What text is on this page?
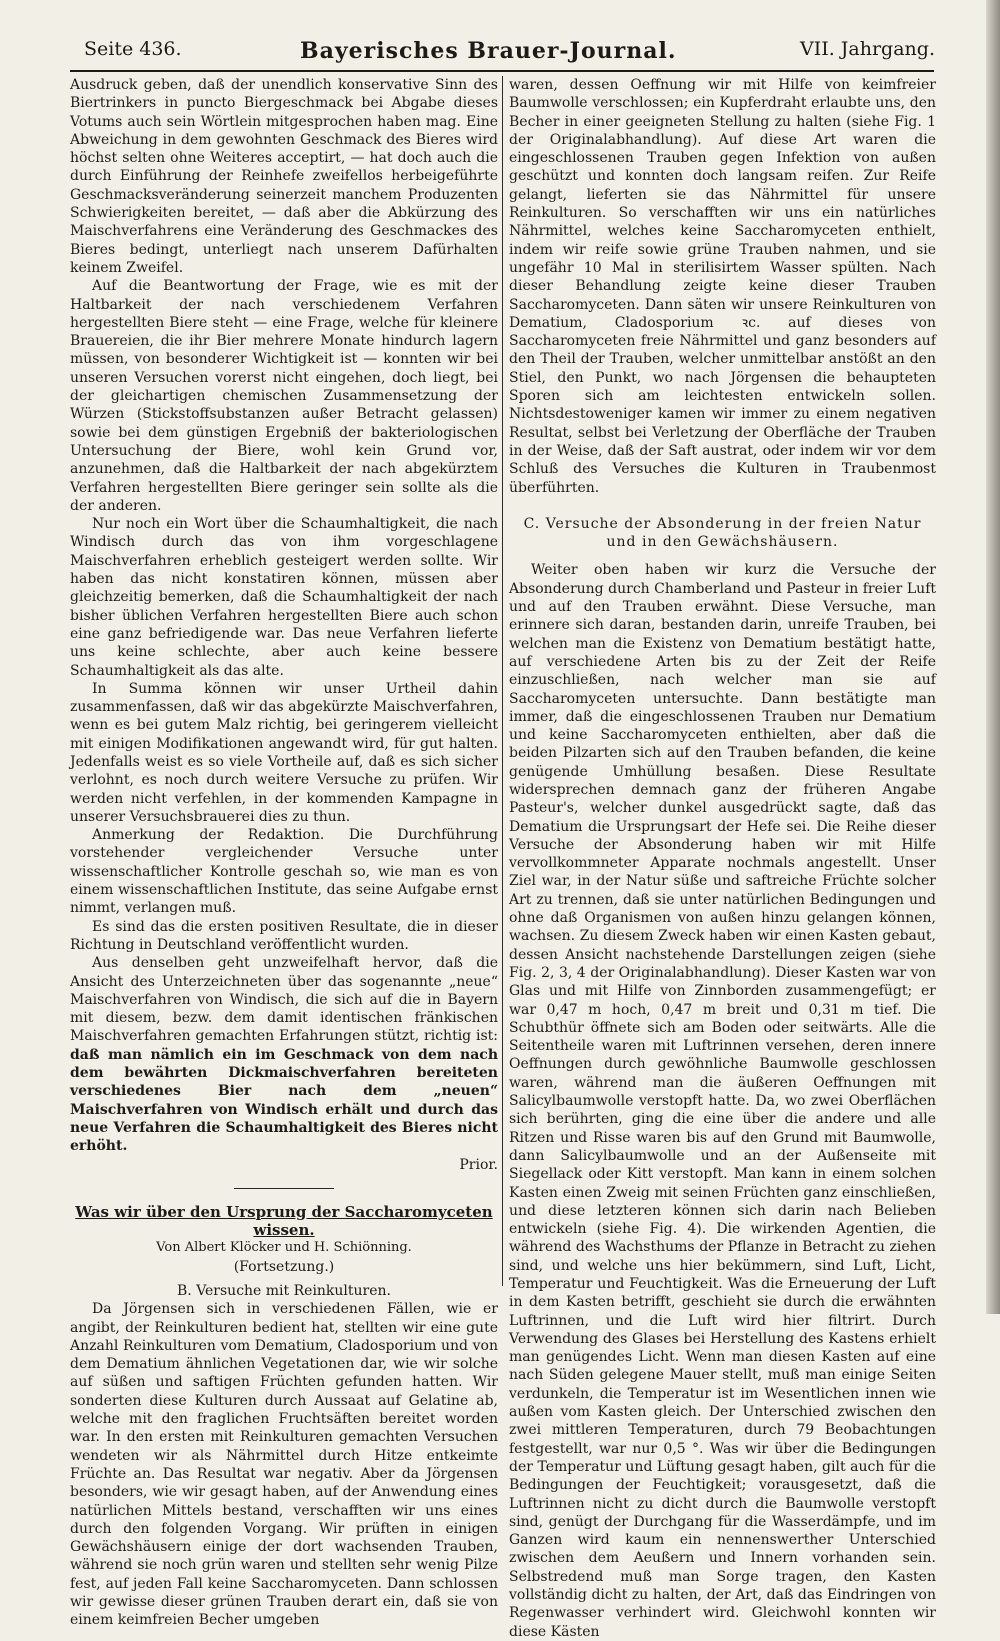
Seite 436.	Bayerisches Brauer-Journal.	VII. Jahrgang.

Ausdruck geben, daß der unendlich konservative Sinn des Biertrinkers in puncto Biergeschmack bei Abgabe dieses Votums auch sein Wörtlein mitgesprochen haben mag. Eine Abweichung in dem gewohnten Geschmack des Bieres wird höchst selten ohne Weiteres acceptirt, — hat doch auch die durch Einführung der Reinhefe zweifellos herbeigeführte Geschmacksveränderung seinerzeit manchem Produzenten Schwierigkeiten bereitet, — daß aber die Abkürzung des Maischverfahrens eine Veränderung des Geschmackes des Bieres bedingt, unterliegt nach unserem Dafürhalten keinem Zweifel.

Auf die Beantwortung der Frage, wie es mit der Haltbarkeit der nach verschiedenem Verfahren hergestellten Biere steht — eine Frage, welche für kleinere Brauereien, die ihr Bier mehrere Monate hindurch lagern müssen, von besonderer Wichtigkeit ist — konnten wir bei unseren Versuchen vorerst nicht eingehen, doch liegt, bei der gleichartigen chemischen Zusammensetzung der Würzen (Stickstoffsubstanzen außer Betracht gelassen) sowie bei dem günstigen Ergebniß der bakteriologischen Untersuchung der Biere, wohl kein Grund vor, anzunehmen, daß die Haltbarkeit der nach abgekürztem Verfahren hergestellten Biere geringer sein sollte als die der anderen.

Nur noch ein Wort über die Schaumhaltigkeit, die nach Windisch durch das von ihm vorgeschlagene Maischverfahren erheblich gesteigert werden sollte. Wir haben das nicht konstatiren können, müssen aber gleichzeitig bemerken, daß die Schaumhaltigkeit der nach bisher üblichen Verfahren hergestellten Biere auch schon eine ganz befriedigende war. Das neue Verfahren lieferte uns keine schlechte, aber auch keine bessere Schaumhaltigkeit als das alte.

In Summa können wir unser Urtheil dahin zusammenfassen, daß wir das abgekürzte Maischverfahren, wenn es bei gutem Malz richtig, bei geringerem vielleicht mit einigen Modifikationen angewandt wird, für gut halten. Jedenfalls weist es so viele Vortheile auf, daß es sich sicher verlohnt, es noch durch weitere Versuche zu prüfen. Wir werden nicht verfehlen, in der kommenden Kampagne in unserer Versuchsbrauerei dies zu thun.

Anmerkung der Redaktion. Die Durchführung vorstehender vergleichender Versuche unter wissenschaftlicher Kontrolle geschah so, wie man es von einem wissenschaftlichen Institute, das seine Aufgabe ernst nimmt, verlangen muß.

Es sind das die ersten positiven Resultate, die in dieser Richtung in Deutschland veröffentlicht wurden.

Aus denselben geht unzweifelhaft hervor, daß die Ansicht des Unterzeichneten über das sogenannte „neue“ Maischverfahren von Windisch, die sich auf die in Bayern mit diesem, bezw. dem damit identischen fränkischen Maischverfahren gemachten Erfahrungen stützt, richtig ist: daß man nämlich ein im Geschmack von dem nach dem bewährten Dickmaischverfahren bereiteten verschiedenes Bier nach dem „neuen“ Maischverfahren von Windisch erhält und durch das neue Verfahren die Schaumhaltigkeit des Bieres nicht erhöht.

Prior.

Was wir über den Ursprung der Saccharomyceten wissen.

Von Albert Klöcker und H. Schiönning.

(Fortsetzung.)

B. Versuche mit Reinkulturen.

Da Jörgensen sich in verschiedenen Fällen, wie er angibt, der Reinkulturen bedient hat, stellten wir eine gute Anzahl Reinkulturen vom Dematium, Cladosporium und von dem Dematium ähnlichen Vegetationen dar, wie wir solche auf süßen und saftigen Früchten gefunden hatten. Wir sonderten diese Kulturen durch Aussaat auf Gelatine ab, welche mit den fraglichen Fruchtsäften bereitet worden war. In den ersten mit Reinkulturen gemachten Versuchen wendeten wir als Nährmittel durch Hitze entkeimte Früchte an. Das Resultat war negativ. Aber da Jörgensen besonders, wie wir gesagt haben, auf der Anwendung eines natürlichen Mittels bestand, verschafften wir uns eines durch den folgenden Vorgang. Wir prüften in einigen Gewächshäusern einige der dort wachsenden Trauben, während sie noch grün waren und stellten sehr wenig Pilze fest, auf jeden Fall keine Saccharomyceten. Dann schlossen wir gewisse dieser grünen Trauben derart ein, daß sie von einem keimfreien Becher umgeben

waren, dessen Oeffnung wir mit Hilfe von keimfreier Baumwolle verschlossen; ein Kupferdraht erlaubte uns, den Becher in einer geeigneten Stellung zu halten (siehe Fig. 1 der Originalabhandlung). Auf diese Art waren die eingeschlossenen Trauben gegen Infektion von außen geschützt und konnten doch langsam reifen. Zur Reife gelangt, lieferten sie das Nährmittel für unsere Reinkulturen. So verschafften wir uns ein natürliches Nährmittel, welches keine Saccharomyceten enthielt, indem wir reife sowie grüne Trauben nahmen, und sie ungefähr 10 Mal in sterilisirtem Wasser spülten. Nach dieser Behandlung zeigte keine dieser Trauben Saccharomyceten. Dann säten wir unsere Reinkulturen von Dematium, Cladosporium ꝛc. auf dieses von Saccharomyceten freie Nährmittel und ganz besonders auf den Theil der Trauben, welcher unmittelbar anstößt an den Stiel, den Punkt, wo nach Jörgensen die behaupteten Sporen sich am leichtesten entwickeln sollen. Nichtsdestoweniger kamen wir immer zu einem negativen Resultat, selbst bei Verletzung der Oberfläche der Trauben in der Weise, daß der Saft austrat, oder indem wir vor dem Schluß des Versuches die Kulturen in Traubenmost überführten.

C. Versuche der Absonderung in der freien Natur und in den Gewächshäusern.

Weiter oben haben wir kurz die Versuche der Absonderung durch Chamberland und Pasteur in freier Luft und auf den Trauben erwähnt. Diese Versuche, man erinnere sich daran, bestanden darin, unreife Trauben, bei welchen man die Existenz von Dematium bestätigt hatte, auf verschiedene Arten bis zu der Zeit der Reife einzuschließen, nach welcher man sie auf Saccharomyceten untersuchte. Dann bestätigte man immer, daß die eingeschlossenen Trauben nur Dematium und keine Saccharomyceten enthielten, aber daß die beiden Pilzarten sich auf den Trauben befanden, die keine genügende Umhüllung besaßen. Diese Resultate widersprechen demnach ganz der früheren Angabe Pasteur's, welcher dunkel ausgedrückt sagte, daß das Dematium die Ursprungsart der Hefe sei. Die Reihe dieser Versuche der Absonderung haben wir mit Hilfe vervollkommneter Apparate nochmals angestellt. Unser Ziel war, in der Natur süße und saftreiche Früchte solcher Art zu trennen, daß sie unter natürlichen Bedingungen und ohne daß Organismen von außen hinzu gelangen können, wachsen. Zu diesem Zweck haben wir einen Kasten gebaut, dessen Ansicht nachstehende Darstellungen zeigen (siehe Fig. 2, 3, 4 der Originalabhandlung). Dieser Kasten war von Glas und mit Hilfe von Zinnborden zusammengefügt; er war 0,47 m hoch, 0,47 m breit und 0,31 m tief. Die Schubthür öffnete sich am Boden oder seitwärts. Alle die Seitentheile waren mit Luftrinnen versehen, deren innere Oeffnungen durch gewöhnliche Baumwolle geschlossen waren, während man die äußeren Oeffnungen mit Salicylbaumwolle verstopft hatte. Da, wo zwei Oberflächen sich berührten, ging die eine über die andere und alle Ritzen und Risse waren bis auf den Grund mit Baumwolle, dann Salicylbaumwolle und an der Außenseite mit Siegellack oder Kitt verstopft. Man kann in einem solchen Kasten einen Zweig mit seinen Früchten ganz einschließen, und diese letzteren können sich darin nach Belieben entwickeln (siehe Fig. 4). Die wirkenden Agentien, die während des Wachsthums der Pflanze in Betracht zu ziehen sind, und welche uns hier bekümmern, sind Luft, Licht, Temperatur und Feuchtigkeit. Was die Erneuerung der Luft in dem Kasten betrifft, geschieht sie durch die erwähnten Luftrinnen, und die Luft wird hier filtrirt. Durch Verwendung des Glases bei Herstellung des Kastens erhielt man genügendes Licht. Wenn man diesen Kasten auf eine nach Süden gelegene Mauer stellt, muß man einige Seiten verdunkeln, die Temperatur ist im Wesentlichen innen wie außen vom Kasten gleich. Der Unterschied zwischen den zwei mittleren Temperaturen, durch 79 Beobachtungen festgestellt, war nur 0,5 °. Was wir über die Bedingungen der Temperatur und Lüftung gesagt haben, gilt auch für die Bedingungen der Feuchtigkeit; vorausgesetzt, daß die Luftrinnen nicht zu dicht durch die Baumwolle verstopft sind, genügt der Durchgang für die Wasserdämpfe, und im Ganzen wird kaum ein nennenswerther Unterschied zwischen dem Aeußern und Innern vorhanden sein. Selbstredend muß man Sorge tragen, den Kasten vollständig dicht zu halten, der Art, daß das Eindringen von Regenwasser verhindert wird. Gleichwohl konnten wir diese Kästen
